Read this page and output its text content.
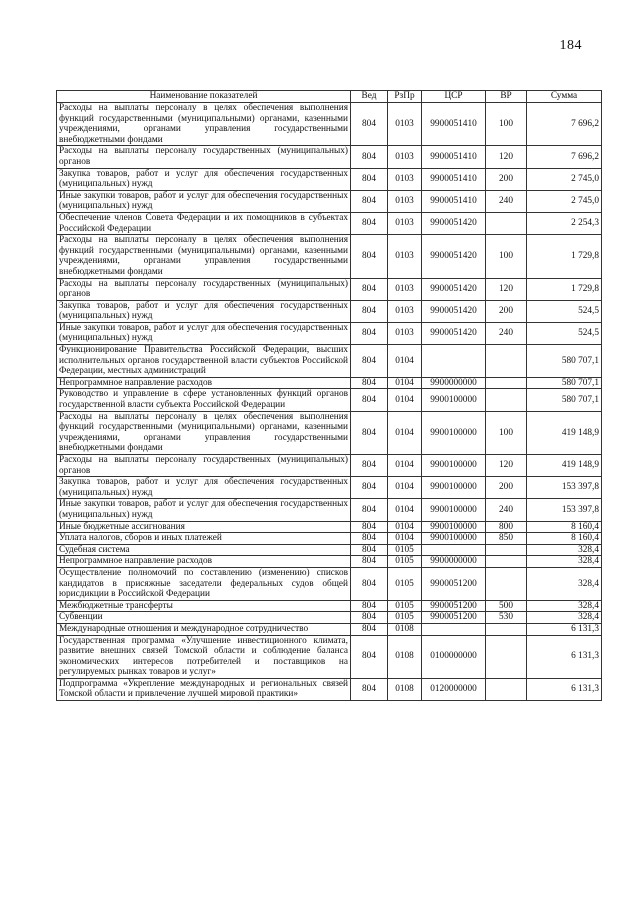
184
Наименование показателей	Вед	РзПр	ЦСР	ВР	Сумма
Расходы на выплаты персоналу в целях обеспечения выполнения функций государственными (муниципальными) органами, казенными учреждениями, органами управления государственными внебюджетными фондами	804	0103	9900051410	100	7 696,2
Расходы на выплаты персоналу государственных (муниципальных) органов	804	0103	9900051410	120	7 696,2
Закупка товаров, работ и услуг для обеспечения государственных (муниципальных) нужд	804	0103	9900051410	200	2 745,0
Иные закупки товаров, работ и услуг для обеспечения государственных (муниципальных) нужд	804	0103	9900051410	240	2 745,0
Обеспечение членов Совета Федерации и их помощников в субъектах Российской Федерации	804	0103	9900051420		2 254,3
Расходы на выплаты персоналу в целях обеспечения выполнения функций государственными (муниципальными) органами, казенными учреждениями, органами управления государственными внебюджетными фондами	804	0103	9900051420	100	1 729,8
Расходы на выплаты персоналу государственных (муниципальных) органов	804	0103	9900051420	120	1 729,8
Закупка товаров, работ и услуг для обеспечения государственных (муниципальных) нужд	804	0103	9900051420	200	524,5
Иные закупки товаров, работ и услуг для обеспечения государственных (муниципальных) нужд	804	0103	9900051420	240	524,5
Функционирование Правительства Российской Федерации, высших исполнительных органов государственной власти субъектов Российской Федерации, местных администраций	804	0104			580 707,1
Непрограммное направление расходов	804	0104	9900000000		580 707,1
Руководство и управление в сфере установленных функций органов государственной власти субъекта Российской Федерации	804	0104	9900100000		580 707,1
Расходы на выплаты персоналу в целях обеспечения выполнения функций государственными (муниципальными) органами, казенными учреждениями, органами управления государственными внебюджетными фондами	804	0104	9900100000	100	419 148,9
Расходы на выплаты персоналу государственных (муниципальных) органов	804	0104	9900100000	120	419 148,9
Закупка товаров, работ и услуг для обеспечения государственных (муниципальных) нужд	804	0104	9900100000	200	153 397,8
Иные закупки товаров, работ и услуг для обеспечения государственных (муниципальных) нужд	804	0104	9900100000	240	153 397,8
Иные бюджетные ассигнования	804	0104	9900100000	800	8 160,4
Уплата налогов, сборов и иных платежей	804	0104	9900100000	850	8 160,4
Судебная система	804	0105			328,4
Непрограммное направление расходов	804	0105	9900000000		328,4
Осуществление полномочий по составлению (изменению) списков кандидатов в присяжные заседатели федеральных судов общей юрисдикции в Российской Федерации	804	0105	9900051200		328,4
Межбюджетные трансферты	804	0105	9900051200	500	328,4
Субвенции	804	0105	9900051200	530	328,4
Международные отношения и международное сотрудничество	804	0108			6 131,3
Государственная программа «Улучшение инвестиционного климата, развитие внешних связей Томской области и соблюдение баланса экономических интересов потребителей и поставщиков на регулируемых рынках товаров и услуг»	804	0108	0100000000		6 131,3
Подпрограмма «Укрепление международных и региональных связей Томской области и привлечение лучшей мировой практики»	804	0108	0120000000		6 131,3
